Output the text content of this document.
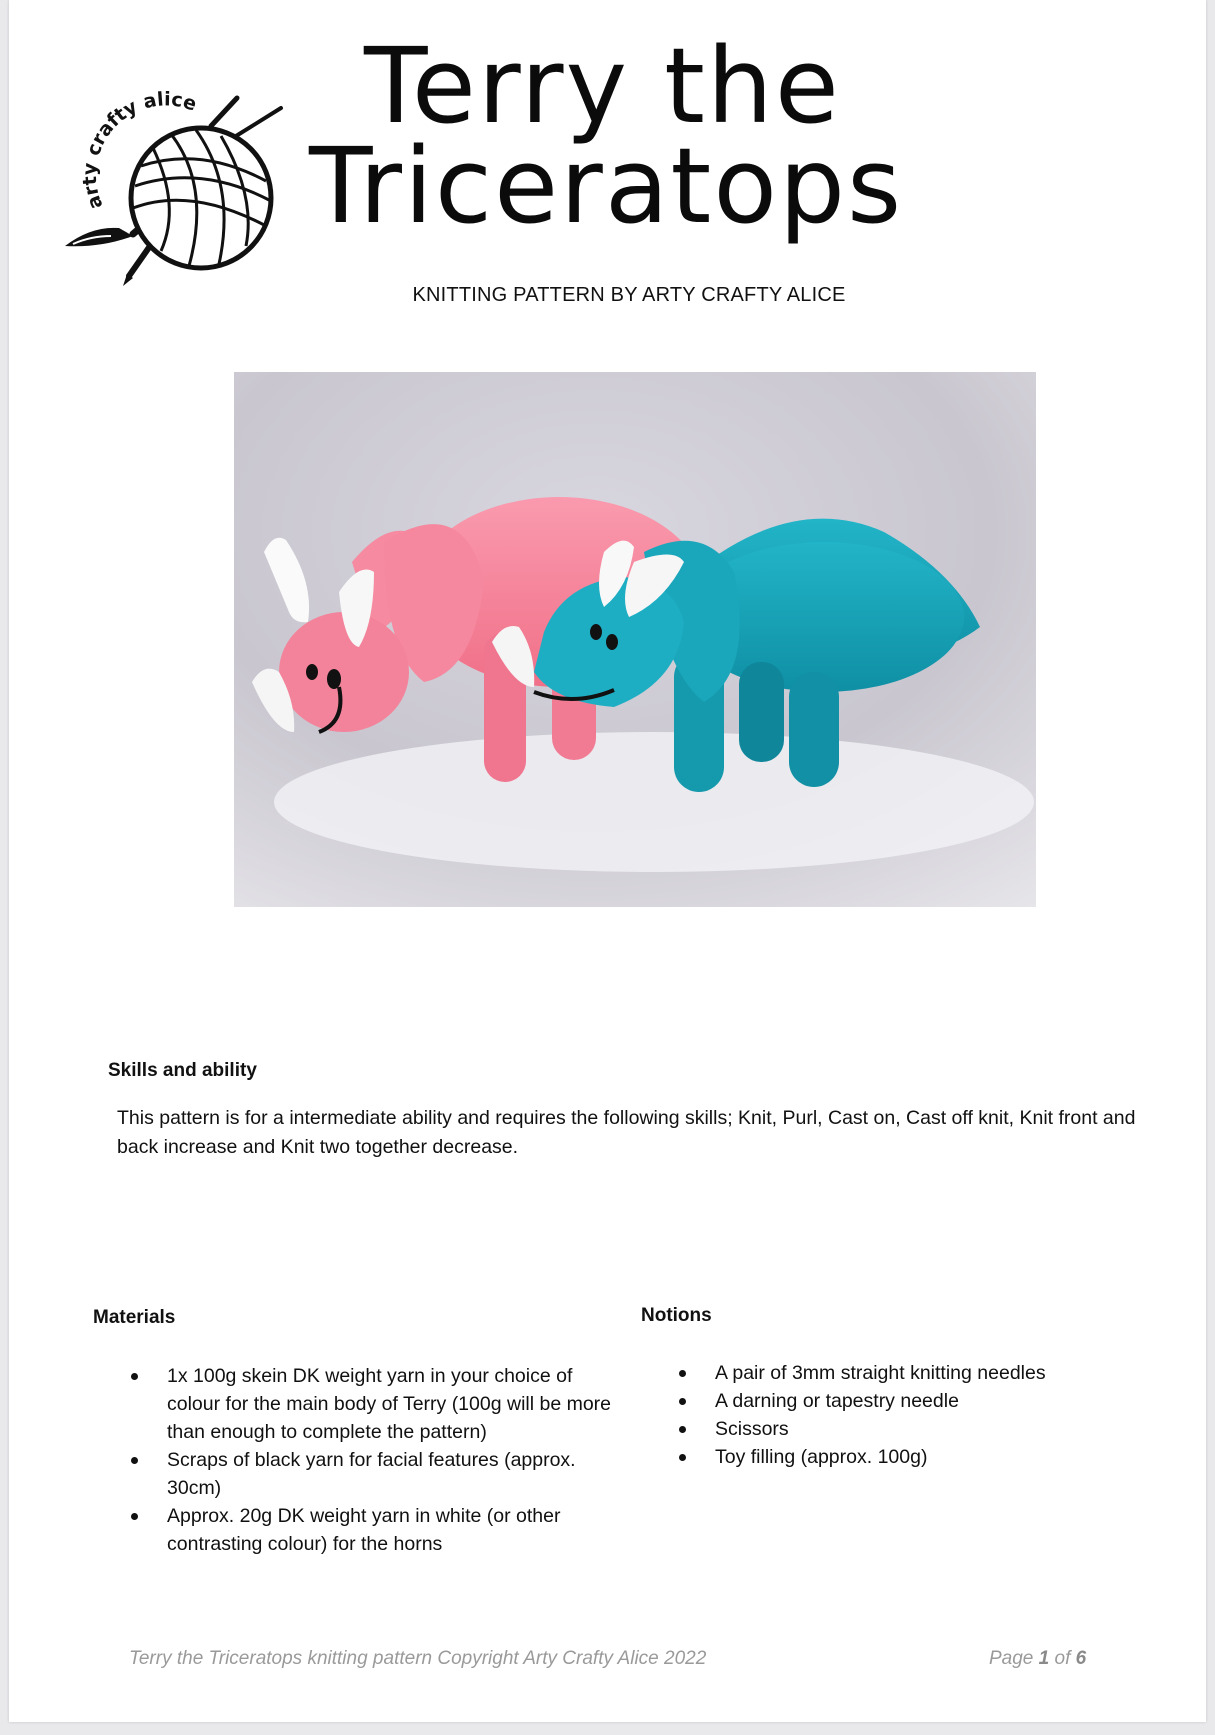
arty crafty alice	Terry the
Triceratops
KNITTING PATTERN BY ARTY CRAFTY ALICE
Skills and ability
This pattern is for a intermediate ability and requires the following skills; Knit, Purl, Cast on, Cast off knit, Knit front and back increase and Knit two together decrease.
Materials
1x 100g skein DK weight yarn in your choice of colour for the main body of Terry (100g will be more than enough to complete the pattern)
Scraps of black yarn for facial features (approx. 30cm)
Approx. 20g DK weight yarn in white (or other contrasting colour) for the horns
Notions
A pair of 3mm straight knitting needles
A darning or tapestry needle
Scissors
Toy filling (approx. 100g)
Terry the Triceratops knitting pattern Copyright Arty Crafty Alice 2022	Page 1 of 6
